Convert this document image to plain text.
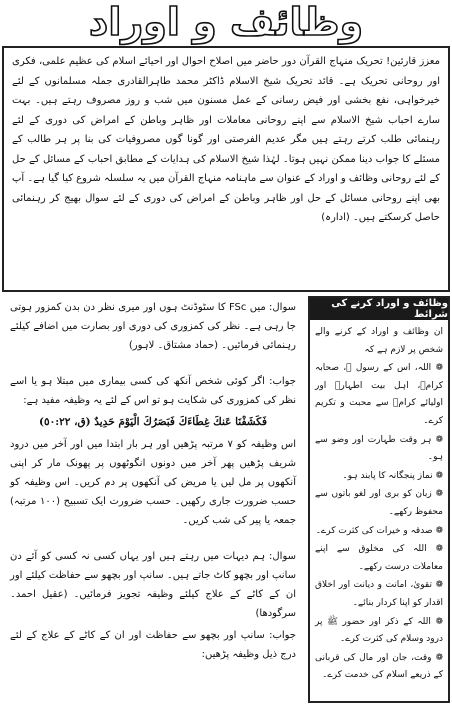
وظائف و اوراد

معزز قارئین! تحریک منہاج القرآن دور حاضر میں اصلاح احوال اور احیائے اسلام کی عظیم علمی، فکری اور روحانی تحریک ہے۔ قائد تحریک شیخ الاسلام ڈاکٹر محمد طاہرالقادری جملہ مسلمانوں کے لئے خیرخواہی، نفع بخشی اور فیض رسانی کے عمل مسنون میں شب و روز مصروف رہتے ہیں۔ بہت سارے احباب شیخ الاسلام سے اپنے روحانی معاملات اور ظاہر وباطن کے امراض کی دوری کے لئے رہنمائی طلب کرتے رہتے ہیں مگر عدیم الفرصتی اور گونا گوں مصروفیات کی بنا پر ہر طالب کے مسئلے کا جواب دینا ممکن نہیں ہوتا۔ لہٰذا شیخ الاسلام کی ہدایات کے مطابق احباب کے مسائل کے حل کے لئے روحانی وظائف و اوراد کے عنوان سے ماہنامہ منہاج القرآن میں یہ سلسلہ شروع کیا گیا ہے۔ آپ بھی اپنے روحانی مسائل کے حل اور ظاہر وباطن کے امراض کی دوری کے لئے سوال بھیج کر رہنمائی حاصل کرسکتے ہیں۔ (ادارہ)

سوال: میں FSc کا سٹوڈنٹ ہوں اور میری نظر دن بدن کمزور ہوتی جا رہی ہے۔ نظر کی کمزوری کی دوری اور بصارت میں اضافے کیلئے رہنمائی فرمائیں۔ (حماد مشتاق۔ لاہور)

جواب: اگر کوئی شخص آنکھ کی کسی بیماری میں مبتلا ہو یا اسے نظر کی کمزوری کی شکایت ہو تو اس کے لئے یہ وظیفہ مفید ہے:

فَكَشَفْنَا عَنكَ غِطَاءَكَ فَبَصَرُكَ الْيَوْمَ حَدِيدٌ (ق، ٥٠:٢٢)

اس وظیفہ کو ۷ مرتبہ پڑھیں اور ہر بار ابتدا میں اور آخر میں درود شریف پڑھیں پھر آخر میں دونوں انگوٹھوں پر پھونک مار کر اپنی آنکھوں پر مل لیں یا مریض کی آنکھوں پر دم کریں۔ اس وظیفہ کو حسب ضرورت جاری رکھیں۔ حسب ضرورت ایک تسبیح (١٠٠ مرتبہ) جمعہ یا پیر کی شب کریں۔

سوال: ہم دیہات میں رہتے ہیں اور یہاں کسی نہ کسی کو آئے دن سانپ اور بچھو کاٹ جاتے ہیں۔ سانپ اور بچھو سے حفاظت کیلئے اور ان کے کاٹے کے علاج کیلئے وظیفہ تجویز فرمائیں۔ (عقیل احمد۔ سرگودھا)

جواب: سانپ اور بچھو سے حفاظت اور ان کے کاٹے کے علاج کے لئے درج ذیل وظیفہ پڑھیں:

وظائف و اوراد کرنے کی شرائط

ان وظائف و اوراد کے کرنے والے شخص پر لازم ہے کہ

❁ اللہ، اس کے رسول ﷺ، صحابہ کرامؓ، اہل بیت اطہارؓ اور اولیائے کرامؒ سے محبت و تکریم کرے۔

❁ ہر وقت طہارت اور وضو سے ہو۔

❁ نماز پنجگانہ کا پابند ہو۔

❁ زبان کو بری اور لغو باتوں سے محفوظ رکھے۔

❁ صدقہ و خیرات کی کثرت کرے۔

❁ اللہ کی مخلوق سے اپنے معاملات درست رکھے۔

❁ تقویٰ، امانت و دیانت اور اخلاق اقدار کو اپنا کردار بنائے۔

❁ اللہ کے ذکر اور حضور ﷺ پر درود وسلام کی کثرت کرے۔

❁ وقت، جان اور مال کی قربانی کے ذریعے اسلام کی خدمت کرے۔
